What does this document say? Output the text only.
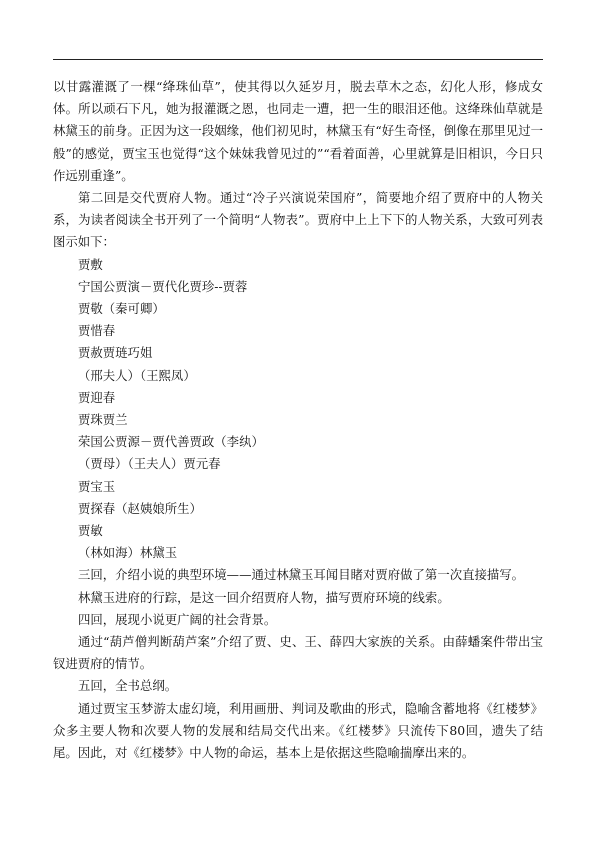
以甘露灌溉了一棵“绛珠仙草”，使其得以久延岁月，脱去草木之态，幻化人形，修成女体。所以顽石下凡，她为报灌溉之恩，也同走一遭，把一生的眼泪还他。这绛珠仙草就是林黛玉的前身。正因为这一段姻缘，他们初见时，林黛玉有“好生奇怪，倒像在那里见过一般”的感觉，贾宝玉也觉得“这个妹妹我曾见过的”“看着面善，心里就算是旧相识，今日只作远别重逢”。

第二回是交代贾府人物。通过“冷子兴演说荣国府”，简要地介绍了贾府中的人物关系，为读者阅读全书开列了一个简明“人物表”。贾府中上上下下的人物关系，大致可列表图示如下：

贾敷

宁国公贾演－贾代化贾珍--贾蓉

贾敬（秦可卿）

贾惜春

贾赦贾琏巧姐

（邢夫人）（王熙凤）

贾迎春

贾珠贾兰

荣国公贾源－贾代善贾政（李纨）

（贾母）（王夫人）贾元春

贾宝玉

贾探春（赵姨娘所生）

贾敏

（林如海）林黛玉

三回，介绍小说的典型环境——通过林黛玉耳闻目睹对贾府做了第一次直接描写。

林黛玉进府的行踪，是这一回介绍贾府人物，描写贾府环境的线索。

四回，展现小说更广阔的社会背景。

通过“葫芦僧判断葫芦案”介绍了贾、史、王、薛四大家族的关系。由薛蟠案件带出宝钗进贾府的情节。

五回，全书总纲。

通过贾宝玉梦游太虚幻境，利用画册、判词及歌曲的形式，隐喻含蓄地将《红楼梦》众多主要人物和次要人物的发展和结局交代出来。《红楼梦》只流传下80回，遗失了结尾。因此，对《红楼梦》中人物的命运，基本上是依据这些隐喻揣摩出来的。
